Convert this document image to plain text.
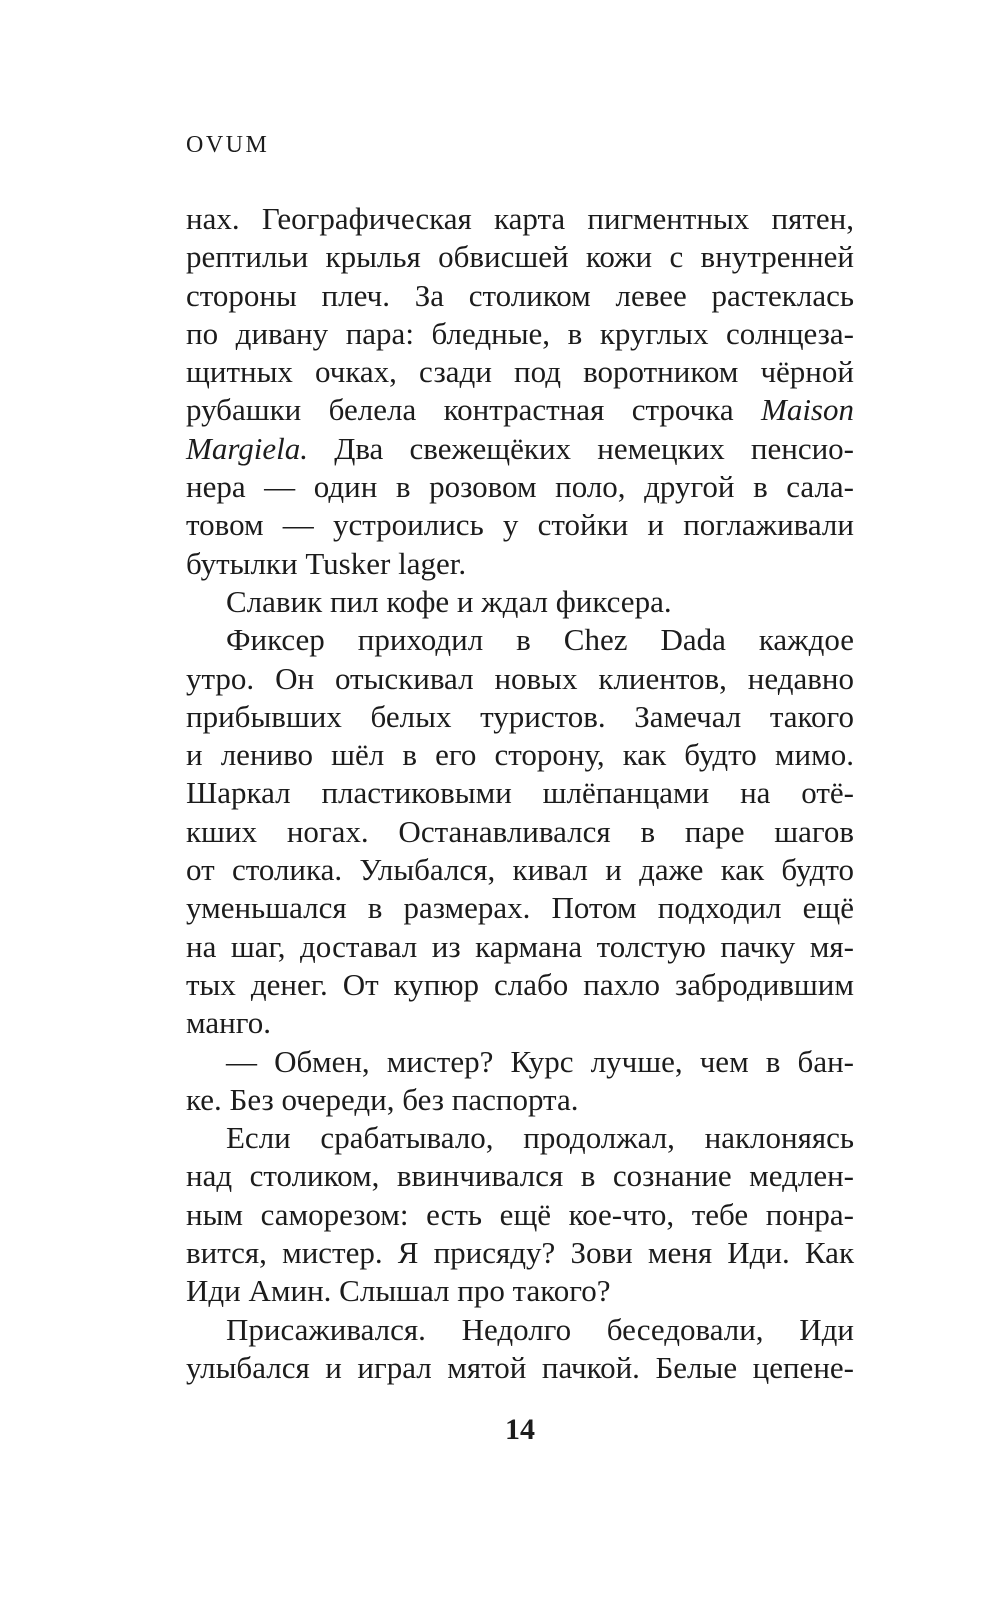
OVUM
нах. Географическая карта пигментных пятен,
рептильи крылья обвисшей кожи с внутренней
стороны плеч. За столиком левее растеклась
по дивану пара: бледные, в круглых солнцеза-
щитных очках, сзади под воротником чёрной
рубашки белела контрастная строчка Maison
Margiela. Два свежещёких немецких пенсио-
нера — один в розовом поло, другой в сала-
товом — устроились у стойки и поглаживали
бутылки Tusker lager.
Славик пил кофе и ждал фиксера.
Фиксер приходил в Chez Dada каждое
утро. Он отыскивал новых клиентов, недавно
прибывших белых туристов. Замечал такого
и лениво шёл в его сторону, как будто мимо.
Шаркал пластиковыми шлёпанцами на отё-
кших ногах. Останавливался в паре шагов
от столика. Улыбался, кивал и даже как будто
уменьшался в размерах. Потом подходил ещё
на шаг, доставал из кармана толстую пачку мя-
тых денег. От купюр слабо пахло забродившим
манго.
— Обмен, мистер? Курс лучше, чем в бан-
ке. Без очереди, без паспорта.
Если срабатывало, продолжал, наклоняясь
над столиком, ввинчивался в сознание медлен-
ным саморезом: есть ещё кое-что, тебе понра-
вится, мистер. Я присяду? Зови меня Иди. Как
Иди Амин. Слышал про такого?
Присаживался. Недолго беседовали, Иди
улыбался и играл мятой пачкой. Белые цепене-
14
